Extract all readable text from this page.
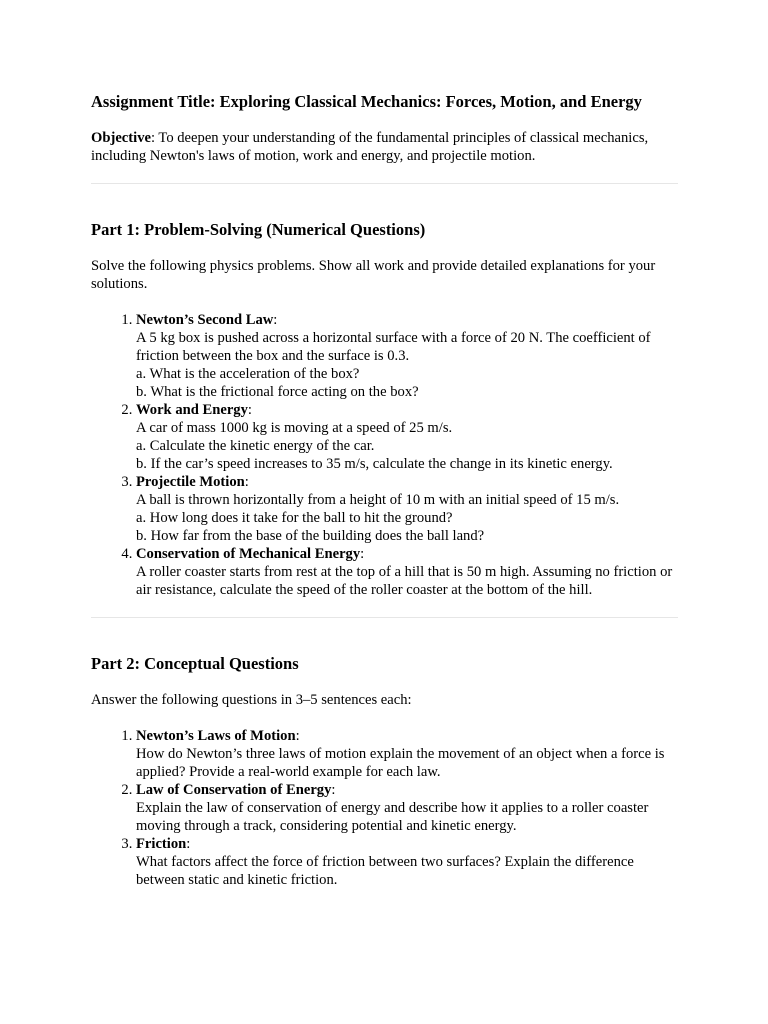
Assignment Title: Exploring Classical Mechanics: Forces, Motion, and Energy

Objective: To deepen your understanding of the fundamental principles of classical mechanics, including Newton's laws of motion, work and energy, and projectile motion.

Part 1: Problem-Solving (Numerical Questions)

Solve the following physics problems. Show all work and provide detailed explanations for your solutions.

1. Newton’s Second Law:
A 5 kg box is pushed across a horizontal surface with a force of 20 N. The coefficient of friction between the box and the surface is 0.3.
a. What is the acceleration of the box?
b. What is the frictional force acting on the box?
2. Work and Energy:
A car of mass 1000 kg is moving at a speed of 25 m/s.
a. Calculate the kinetic energy of the car.
b. If the car’s speed increases to 35 m/s, calculate the change in its kinetic energy.
3. Projectile Motion:
A ball is thrown horizontally from a height of 10 m with an initial speed of 15 m/s.
a. How long does it take for the ball to hit the ground?
b. How far from the base of the building does the ball land?
4. Conservation of Mechanical Energy:
A roller coaster starts from rest at the top of a hill that is 50 m high. Assuming no friction or air resistance, calculate the speed of the roller coaster at the bottom of the hill.
Part 2: Conceptual Questions

Answer the following questions in 3–5 sentences each:

1. Newton’s Laws of Motion:
How do Newton’s three laws of motion explain the movement of an object when a force is applied? Provide a real-world example for each law.
2. Law of Conservation of Energy:
Explain the law of conservation of energy and describe how it applies to a roller coaster moving through a track, considering potential and kinetic energy.
3. Friction:
What factors affect the force of friction between two surfaces? Explain the difference between static and kinetic friction.
